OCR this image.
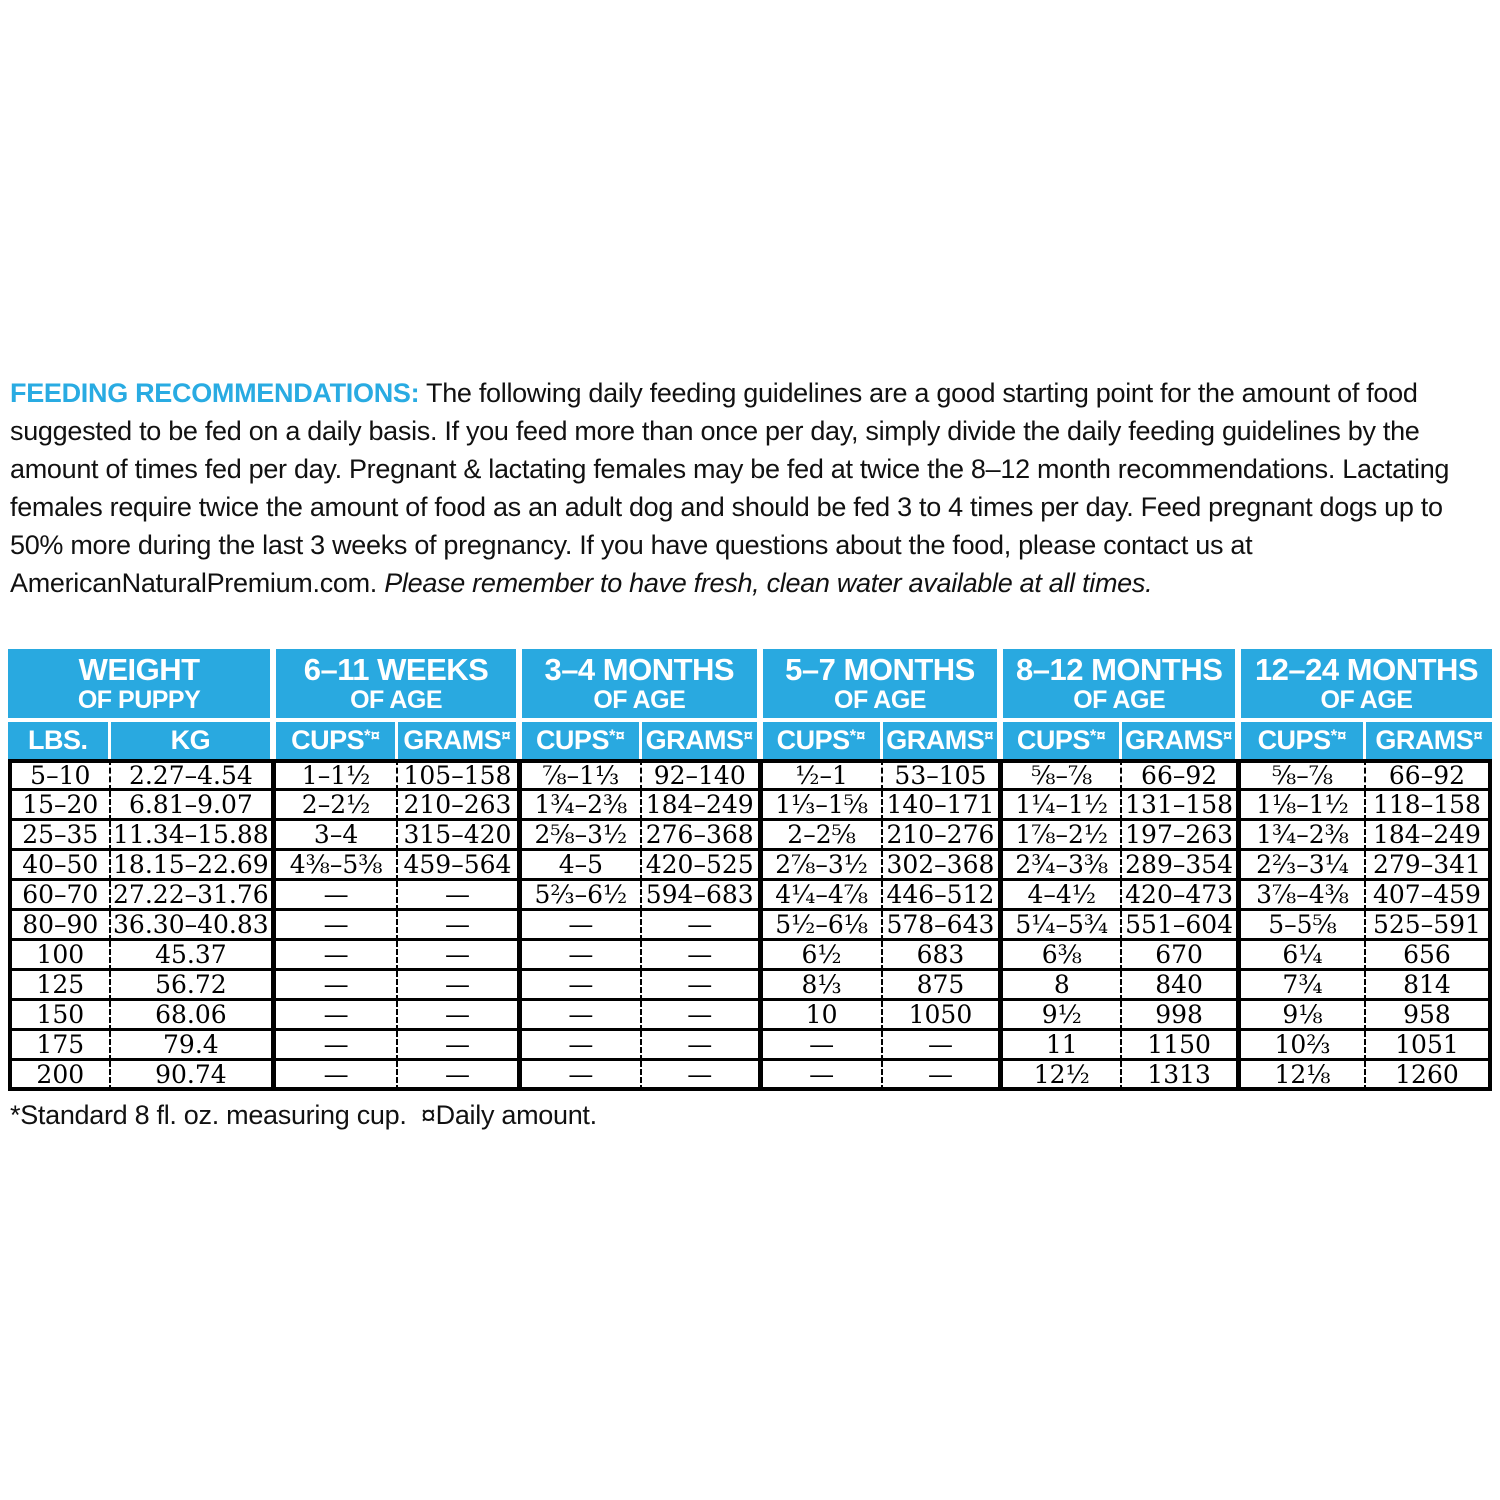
FEEDING RECOMMENDATIONS: The following daily feeding guidelines are a good starting point for the amount of food suggested to be fed on a daily basis. If you feed more than once per day, simply divide the daily feeding guidelines by the amount of times fed per day. Pregnant & lactating females may be fed at twice the 8–12 month recommendations. Lactating females require twice the amount of food as an adult dog and should be fed 3 to 4 times per day. Feed pregnant dogs up to 50% more during the last 3 weeks of pregnancy. If you have questions about the food, please contact us at AmericanNaturalPremium.com. Please remember to have fresh, clean water available at all times.
WEIGHT
OF PUPPY

6–11 WEEKS
OF AGE

3–4 MONTHS
OF AGE

5–7 MONTHS
OF AGE

8–12 MONTHS
OF AGE

12–24 MONTHS
OF AGE

LBS.	KG	CUPS*¤	GRAMS¤	CUPS*¤	GRAMS¤	CUPS*¤	GRAMS¤	CUPS*¤	GRAMS¤	CUPS*¤	GRAMS¤
5–10	2.27–4.54	1–1½	105–158	⅞–1⅓	92–140	½–1	53–105	⅝–⅞	66–92	⅝–⅞	66–92
15–20	6.81–9.07	2–2½	210–263	1¾–2⅜	184–249	1⅓–1⅝	140–171	1¼–1½	131–158	1⅛–1½	118–158
25–35	11.34–15.88	3–4	315–420	2⅝–3½	276–368	2–2⅝	210–276	1⅞–2½	197–263	1¾–2⅜	184–249
40–50	18.15–22.69	4⅜–5⅜	459–564	4–5	420–525	2⅞–3½	302–368	2¾–3⅜	289–354	2⅔–3¼	279–341
60–70	27.22–31.76	—	—	5⅔–6½	594–683	4¼–4⅞	446–512	4–4½	420–473	3⅞–4⅜	407–459
80–90	36.30–40.83	—	—	—	—	5½–6⅛	578–643	5¼–5¾	551–604	5–5⅝	525–591
100	45.37	—	—	—	—	6½	683	6⅜	670	6¼	656
125	56.72	—	—	—	—	8⅓	875	8	840	7¾	814
150	68.06	—	—	—	—	10	1050	9½	998	9⅛	958
175	79.4	—	—	—	—	—	—	11	1150	10⅔	1051
200	90.74	—	—	—	—	—	—	12½	1313	12⅛	1260
*Standard 8 fl. oz. measuring cup.  ¤Daily amount.
